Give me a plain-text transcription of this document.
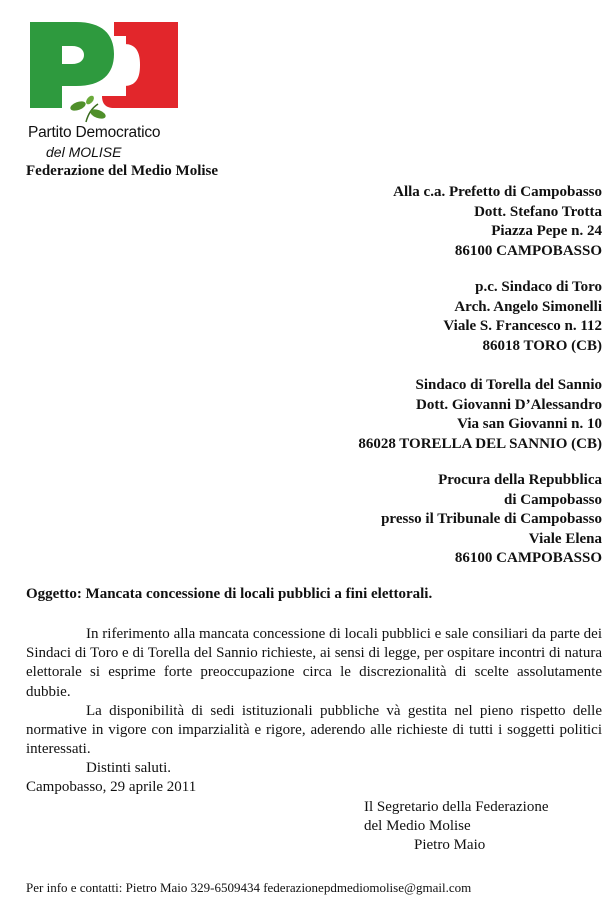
Partito Democratico
del MOLISE
Federazione del Medio Molise
Alla c.a. Prefetto di Campobasso
Dott. Stefano Trotta
Piazza Pepe n. 24
86100 CAMPOBASSO
p.c. Sindaco di Toro
Arch. Angelo Simonelli
Viale S. Francesco n. 112
86018 TORO (CB)
Sindaco di Torella del Sannio
Dott. Giovanni D’Alessandro
Via san Giovanni n. 10
86028 TORELLA DEL SANNIO (CB)
Procura della Repubblica
di Campobasso
presso il Tribunale di Campobasso
Viale Elena
86100 CAMPOBASSO
Oggetto: Mancata concessione di locali pubblici a fini elettorali.

In riferimento alla mancata concessione di locali pubblici e sale consiliari da parte dei Sindaci di Toro e di Torella del Sannio richieste, ai sensi di legge, per ospitare incontri di natura elettorale si esprime forte preoccupazione circa le discrezionalità di scelte assolutamente dubbie.

La disponibilità di sedi istituzionali pubbliche và gestita nel pieno rispetto delle normative in vigore con imparzialità e rigore, aderendo alle richieste di tutti i soggetti politici interessati.

Distinti saluti.
Campobasso, 29 aprile 2011
Il Segretario della Federazione
del Medio Molise
Pietro Maio
Per info e contatti: Pietro Maio 329-6509434 federazionepdmediomolise@gmail.com
